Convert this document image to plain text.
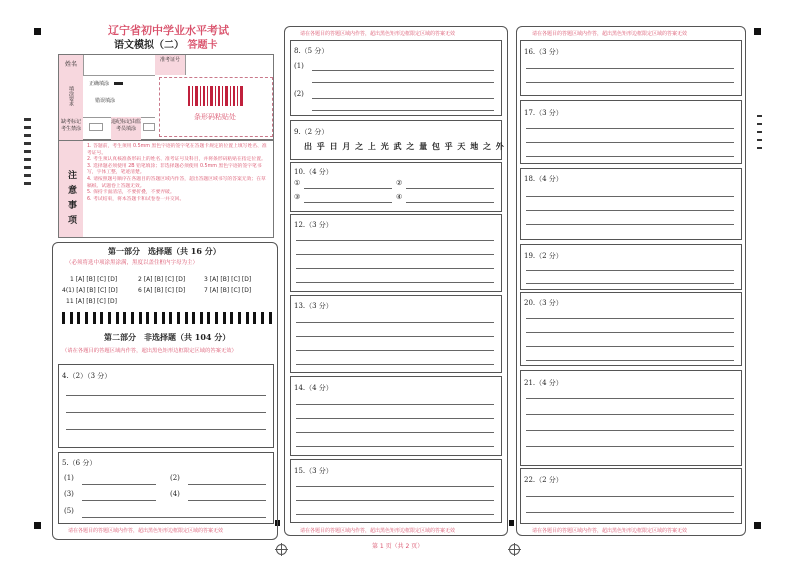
辽宁省初中学业水平考试
语文模拟（二） 答题卡
姓名
准考证号
填涂要求
正确填涂
错误填涂
缺考标记考生禁涂
违纪标记由监考员填涂
条形码粘贴处
注意事项
1. 答题前，考生须用 0.5mm 黑色字迹的签字笔在答题卡规定的位置上填写姓名、准考证号。
2. 考生须认真核准条形码上的姓名、准考证号及科目，并将条形码粘贴在指定位置。
3. 选择题必须使用 2B 铅笔填涂；非选择题必须使用 0.5mm 黑色字迹的签字笔书写，字体工整，笔迹清楚。
4. 请按照题号顺序在各题目的答题区域内作答，超出答题区域书写的答案无效；在草稿纸、试题卷上答题无效。
5. 保持卡面清洁，不要折叠，不要弄破。
6. 考试结束，将本答题卡和试卷卷一并交回。
第一部分　选择题（共 16 分）
（必须将选中项涂黑涂满，黑度以盖住框内字母为主）
1 [A] [B] [C] [D]	2 [A] [B] [C] [D]	3 [A] [B] [C] [D]
4(1) [A] [B] [C] [D]	6 [A] [B] [C] [D]	7 [A] [B] [C] [D]
11 [A] [B] [C] [D]
第二部分　非选择题（共 104 分）
（请在各题目的答题区域内作答，超出黑色矩形边框限定区域的答案无效）
4.（2）（3 分）
5.（6 分）
(1)	(2)
(3)	(4)
(5)
请在各题目的答题区域内作答，超出黑色矩形边框限定区域的答案无效
请在各题目的答题区域内作答，超出黑色矩形边框限定区域的答案无效
8.（5 分）
(1)
(2)
9.（2 分）
出 乎 日 月 之 上 光 武 之 量 包 乎 天 地 之 外
10.（4 分）
①	②
③	④
12.（3 分）
13.（3 分）
14.（4 分）
15.（3 分）
请在各题目的答题区域内作答，超出黑色矩形边框限定区域的答案无效
请在各题目的答题区域内作答，超出黑色矩形边框限定区域的答案无效
16.（3 分）
17.（3 分）
18.（4 分）
19.（2 分）
20.（3 分）
21.（4 分）
22.（2 分）
请在各题目的答题区域内作答，超出黑色矩形边框限定区域的答案无效
第 1 页（共 2 页）
